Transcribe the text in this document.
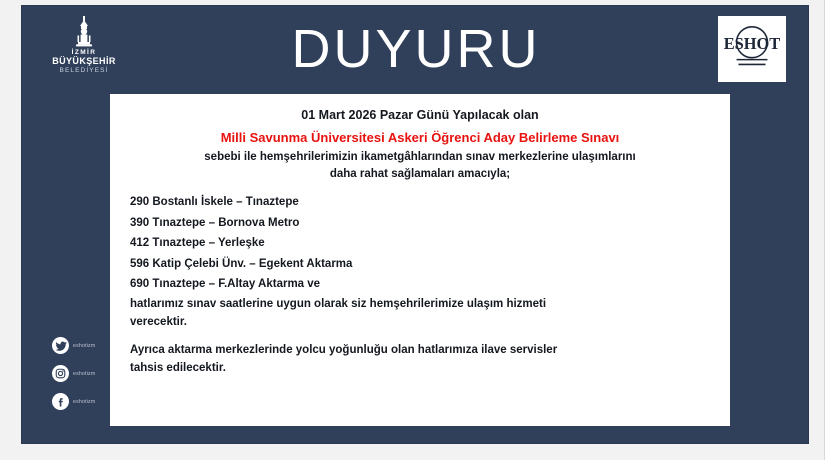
İZMİR
BÜYÜKŞEHİR
BELEDİYESİ	DUYURU	ESHOT
01 Mart 2026 Pazar Günü Yapılacak olan
Milli Savunma Üniversitesi Askeri Öğrenci Aday Belirleme Sınavı
sebebi ile hemşehrilerimizin ikametgâhlarından sınav merkezlerine ulaşımlarını
daha rahat sağlamaları amacıyla;
290 Bostanlı İskele – Tınaztepe
390 Tınaztepe – Bornova Metro
412 Tınaztepe – Yerleşke
596 Katip Çelebi Ünv. – Egekent Aktarma
690 Tınaztepe – F.Altay Aktarma ve
hatlarımız sınav saatlerine uygun olarak siz hemşehrilerimize ulaşım hizmeti
verecektir.
Ayrıca aktarma merkezlerinde yolcu yoğunluğu olan hatlarımıza ilave servisler
tahsis edilecektir.
eshotizm
eshotizm
eshotizm
